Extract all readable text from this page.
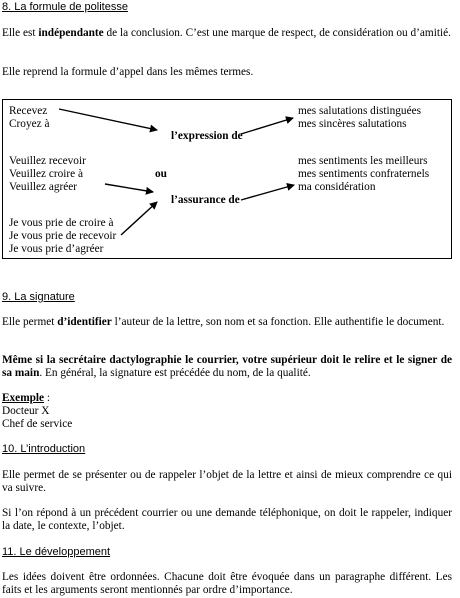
8. La formule de politesse
Elle est indépendante de la conclusion. C’est une marque de respect, de considération ou d’amitié.
Elle reprend la formule d’appel dans les mêmes termes.
Recevez
Croyez à
Veuillez recevoir
Veuillez croire à
Veuillez agréer
Je vous prie de croire à
Je vous prie de recevoir
Je vous prie d’agréer
l’expression de
ou
l’assurance de
mes salutations distinguées
mes sincères salutations
mes sentiments les meilleurs
mes sentiments confraternels
ma considération
9. La signature
Elle permet d’identifier l’auteur de la lettre, son nom et sa fonction. Elle authentifie le document.
Même si la secrétaire dactylographie le courrier, votre supérieur doit le relire et le signer de sa main. En général, la signature est précédée du nom, de la qualité.
Exemple :
Docteur X
Chef de service
10. L’introduction
Elle permet de se présenter ou de rappeler l’objet de la lettre et ainsi de mieux comprendre ce qui va suivre.
Si l’on répond à un précédent courrier ou une demande téléphonique, on doit le rappeler, indiquer la date, le contexte, l’objet.
11. Le développement
Les idées doivent être ordonnées. Chacune doit être évoquée dans un paragraphe différent. Les faits et les arguments seront mentionnés par ordre d’importance.
